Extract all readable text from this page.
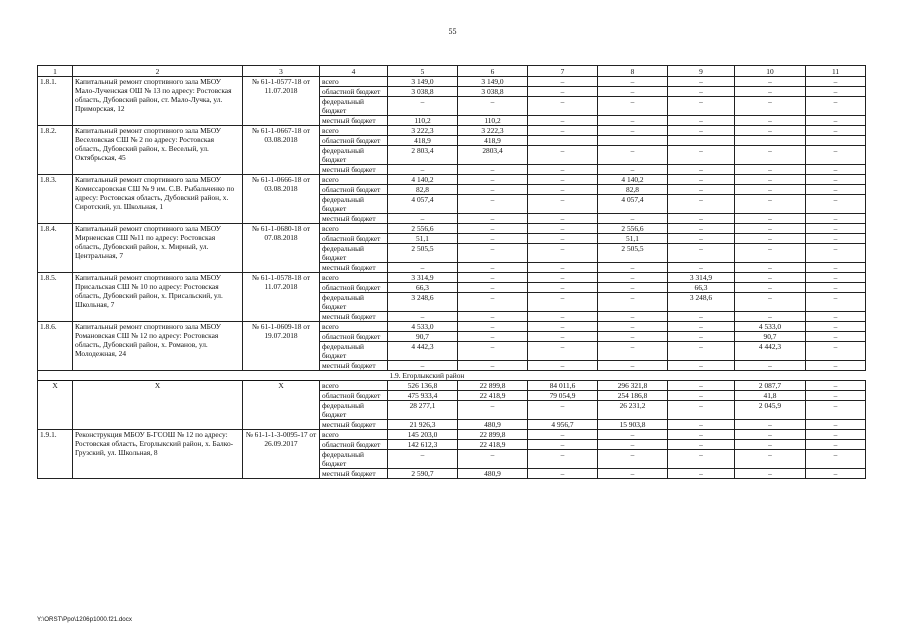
55
1	2	3	4	5	6	7	8	9	10	11
1.8.1.	Капитальный ремонт спортивного зала МБОУ Мало-Лученская ОШ № 13 по адресу: Ростовская область, Дубовский район, ст. Мало-Лучка, ул. Приморская, 12	№ 61-1-0577-18 от 11.07.2018	всего	3 149,0	3 149,0	–	–	–	–	–
			областной бюджет	3 038,8	3 038,8	–	–	–	–	–
			федеральный бюджет	–	–	–	–	–	–	–
			местный бюджет	110,2	110,2	–	–	–	–	–
1.8.2.	Капитальный ремонт спортивного зала МБОУ Веселовская СШ № 2 по адресу: Ростовская область, Дубовский район, х. Веселый, ул. Октябрьская, 45	№ 61-1-0667-18 от 03.08.2018	всего	3 222,3	3 222,3	–	–	–	–	–
			областной бюджет	418,9	418,9					
			федеральный бюджет	2 803,4	2803,4	–	–	–	–	–
			местный бюджет	–	–	–	–	–	–	–
1.8.3.	Капитальный ремонт спортивного зала МБОУ Комиссаровская СШ № 9 им. С.В. Рыбальченко по адресу: Ростовская область, Дубовский район, х. Сиротский, ул. Школьная, 1	№ 61-1-0666-18 от 03.08.2018	всего	4 140,2	–	–	4 140,2	–	–	–
			областной бюджет	82,8	–	–	82,8	–	–	–
			федеральный бюджет	4 057,4	–	–	4 057,4	–	–	–
			местный бюджет	–	–	–	–	–	–	–
1.8.4.	Капитальный ремонт спортивного зала МБОУ Мирненская СШ №11 по адресу: Ростовская область, Дубовский район, х. Мирный, ул. Центральная, 7	№ 61-1-0680-18 от 07.08.2018	всего	2 556,6	–	–	2 556,6	–	–	–
			областной бюджет	51,1	–	–	51,1	–	–	–
			федеральный бюджет	2 505,5	–	–	2 505,5	–	–	–
			местный бюджет	–	–	–	–	–	–	–
1.8.5.	Капитальный ремонт спортивного зала МБОУ Присальская СШ № 10 по адресу: Ростовская область, Дубовский район, х. Присальский, ул. Школьная, 7	№ 61-1-0578-18 от 11.07.2018	всего	3 314,9	–	–	–	3 314,9	–	–
			областной бюджет	66,3	–	–	–	66,3	–	–
			федеральный бюджет	3 248,6	–	–	–	3 248,6	–	–
			местный бюджет	–	–	–	–	–	–	–
1.8.6.	Капитальный ремонт спортивного зала МБОУ Романовская СШ № 12 по адресу: Ростовская область, Дубовский район, х. Романов, ул. Молодежная, 24	№ 61-1-0609-18 от 19.07.2018	всего	4 533,0	–	–	–	–	4 533,0	–
			областной бюджет	90,7	–	–	–	–	90,7	–
			федеральный бюджет	4 442,3	–	–	–	–	4 442,3	–
			местный бюджет	–	–	–	–	–	–	–
			1.9. Егорлыкский район							
X	X	X	всего	526 136,8	22 899,8	84 011,6	296 321,8	–	2 087,7	–
			областной бюджет	475 933,4	22 418,9	79 054,9	254 186,8	–	41,8	–
			федеральный бюджет	28 277,1	–	–	26 231,2	–	2 045,9	–
			местный бюджет	21 926,3	480,9	4 956,7	15 903,8	–	–	–
1.9.1.	Реконструкция МБОУ Б-ГСОШ № 12 по адресу: Ростовская область, Егорлыкский район, х. Балко-Грузский, ул. Школьная, 8	№ 61-1-1-3-0095-17 от 26.09.2017	всего	145 203,0	22 899,8	–	–	–	–	–
			областной бюджет	142 612,3	22 418,9	–	–	–	–	–
			федеральный бюджет	–	–	–	–	–	–	–
			местный бюджет	2 590,7	480,9	–	–	–	–	–
Y:\ORST\Ppo\1206p1000.f21.docx
